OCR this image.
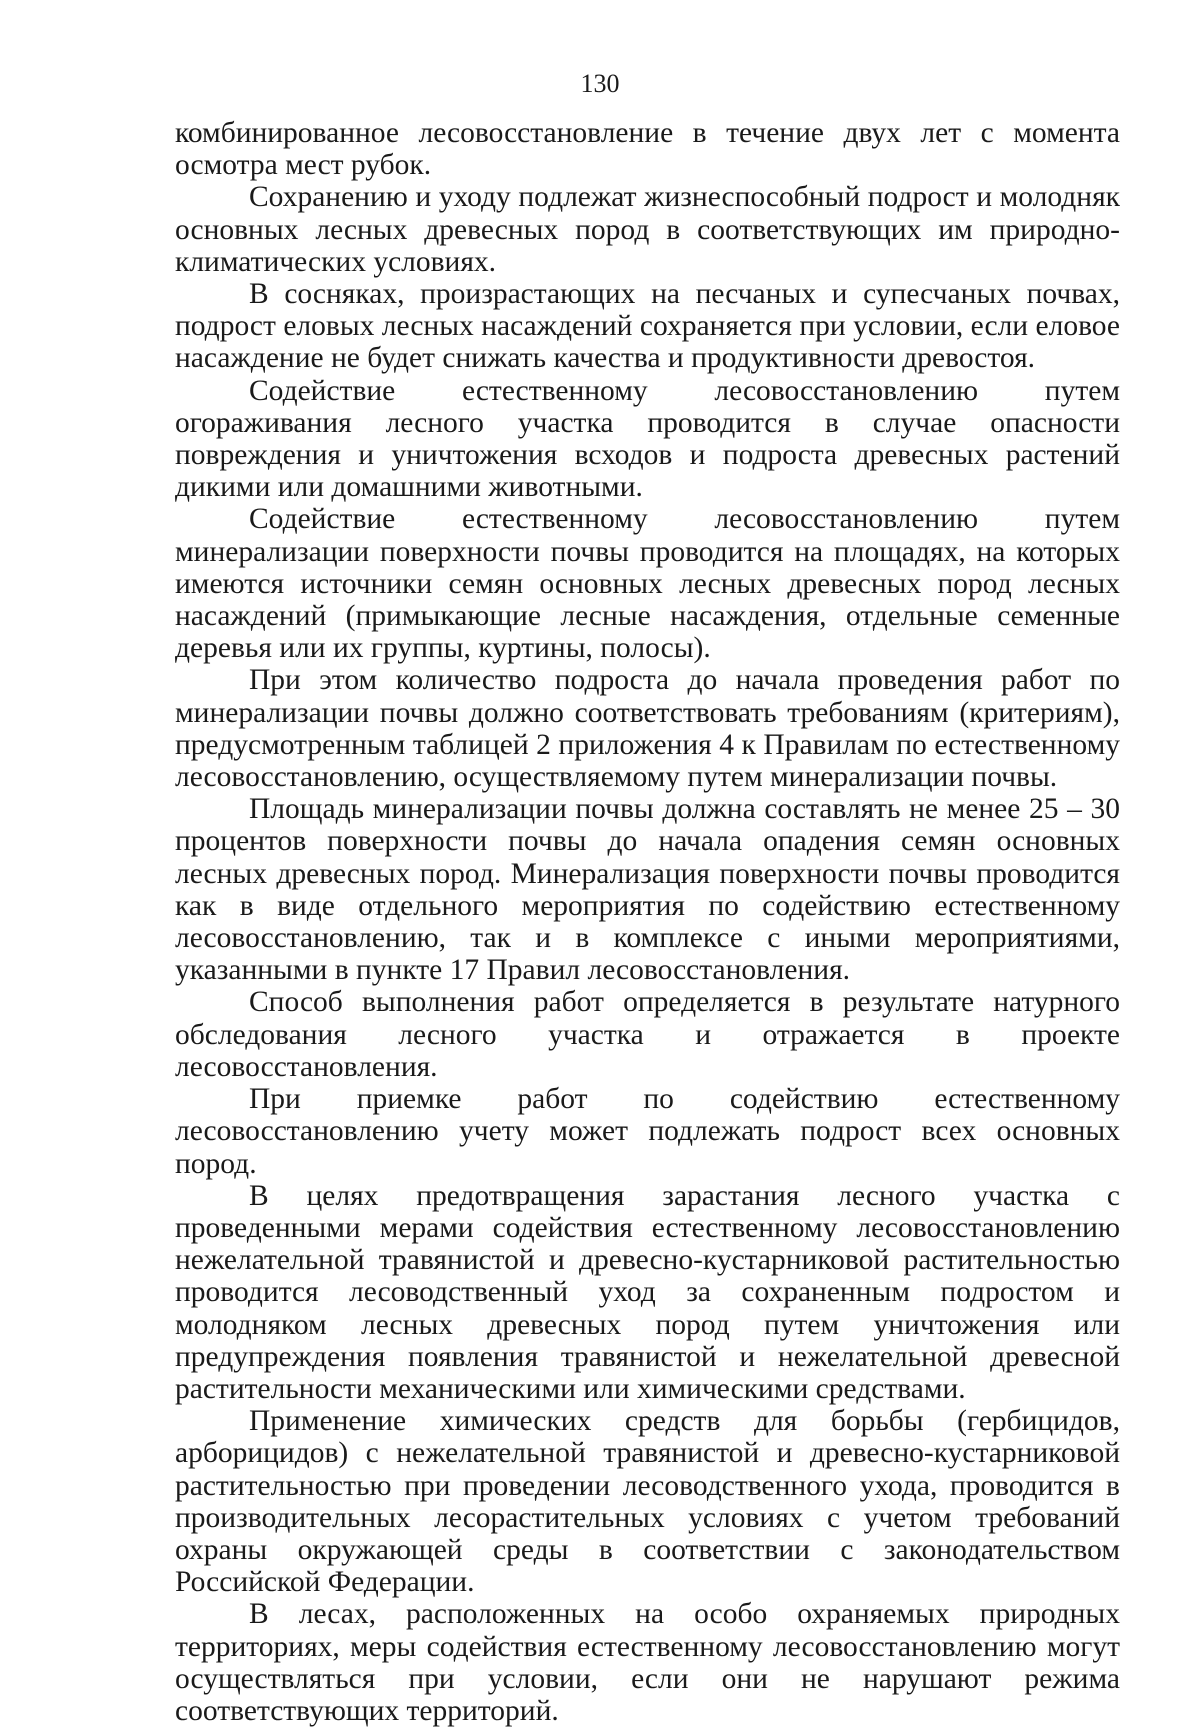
130

комбинированное лесовосстановление в течение двух лет с момента осмотра мест рубок.

Сохранению и уходу подлежат жизнеспособный подрост и молодняк основных лесных древесных пород в соответствующих им природно-климатических условиях.

В сосняках, произрастающих на песчаных и супесчаных почвах, подрост еловых лесных насаждений сохраняется при условии, если еловое насаждение не будет снижать качества и продуктивности древостоя.

Содействие естественному лесовосстановлению путем огораживания лесного участка проводится в случае опасности повреждения и уничтожения всходов и подроста древесных растений дикими или домашними животными.

Содействие естественному лесовосстановлению путем минерализации поверхности почвы проводится на площадях, на которых имеются источники семян основных лесных древесных пород лесных насаждений (примыкающие лесные насаждения, отдельные семенные деревья или их группы, куртины, полосы).

При этом количество подроста до начала проведения работ по минерализации почвы должно соответствовать требованиям (критериям), предусмотренным таблицей 2 приложения 4 к Правилам по естественному лесовосстановлению, осуществляемому путем минерализации почвы.

Площадь минерализации почвы должна составлять не менее 25 – 30 процентов поверхности почвы до начала опадения семян основных лесных древесных пород. Минерализация поверхности почвы проводится как в виде отдельного мероприятия по содействию естественному лесовосстановлению, так и в комплексе с иными мероприятиями, указанными в пункте 17 Правил лесовосстановления.

Способ выполнения работ определяется в результате натурного обследования лесного участка и отражается в проекте лесовосстановления.

При приемке работ по содействию естественному лесовосстановлению учету может подлежать подрост всех основных пород.

В целях предотвращения зарастания лесного участка с проведенными мерами содействия естественному лесовосстановлению нежелательной травянистой и древесно-кустарниковой растительностью проводится лесоводственный уход за сохраненным подростом и молодняком лесных древесных пород путем уничтожения или предупреждения появления травянистой и нежелательной древесной растительности механическими или химическими средствами.

Применение химических средств для борьбы (гербицидов, арборицидов) с нежелательной травянистой и древесно-кустарниковой растительностью при проведении лесоводственного ухода, проводится в производительных лесорастительных условиях с учетом требований охраны окружающей среды в соответствии с законодательством Российской Федерации.

В лесах, расположенных на особо охраняемых природных территориях, меры содействия естественному лесовосстановлению могут осуществляться при условии, если они не нарушают режима соответствующих территорий.
